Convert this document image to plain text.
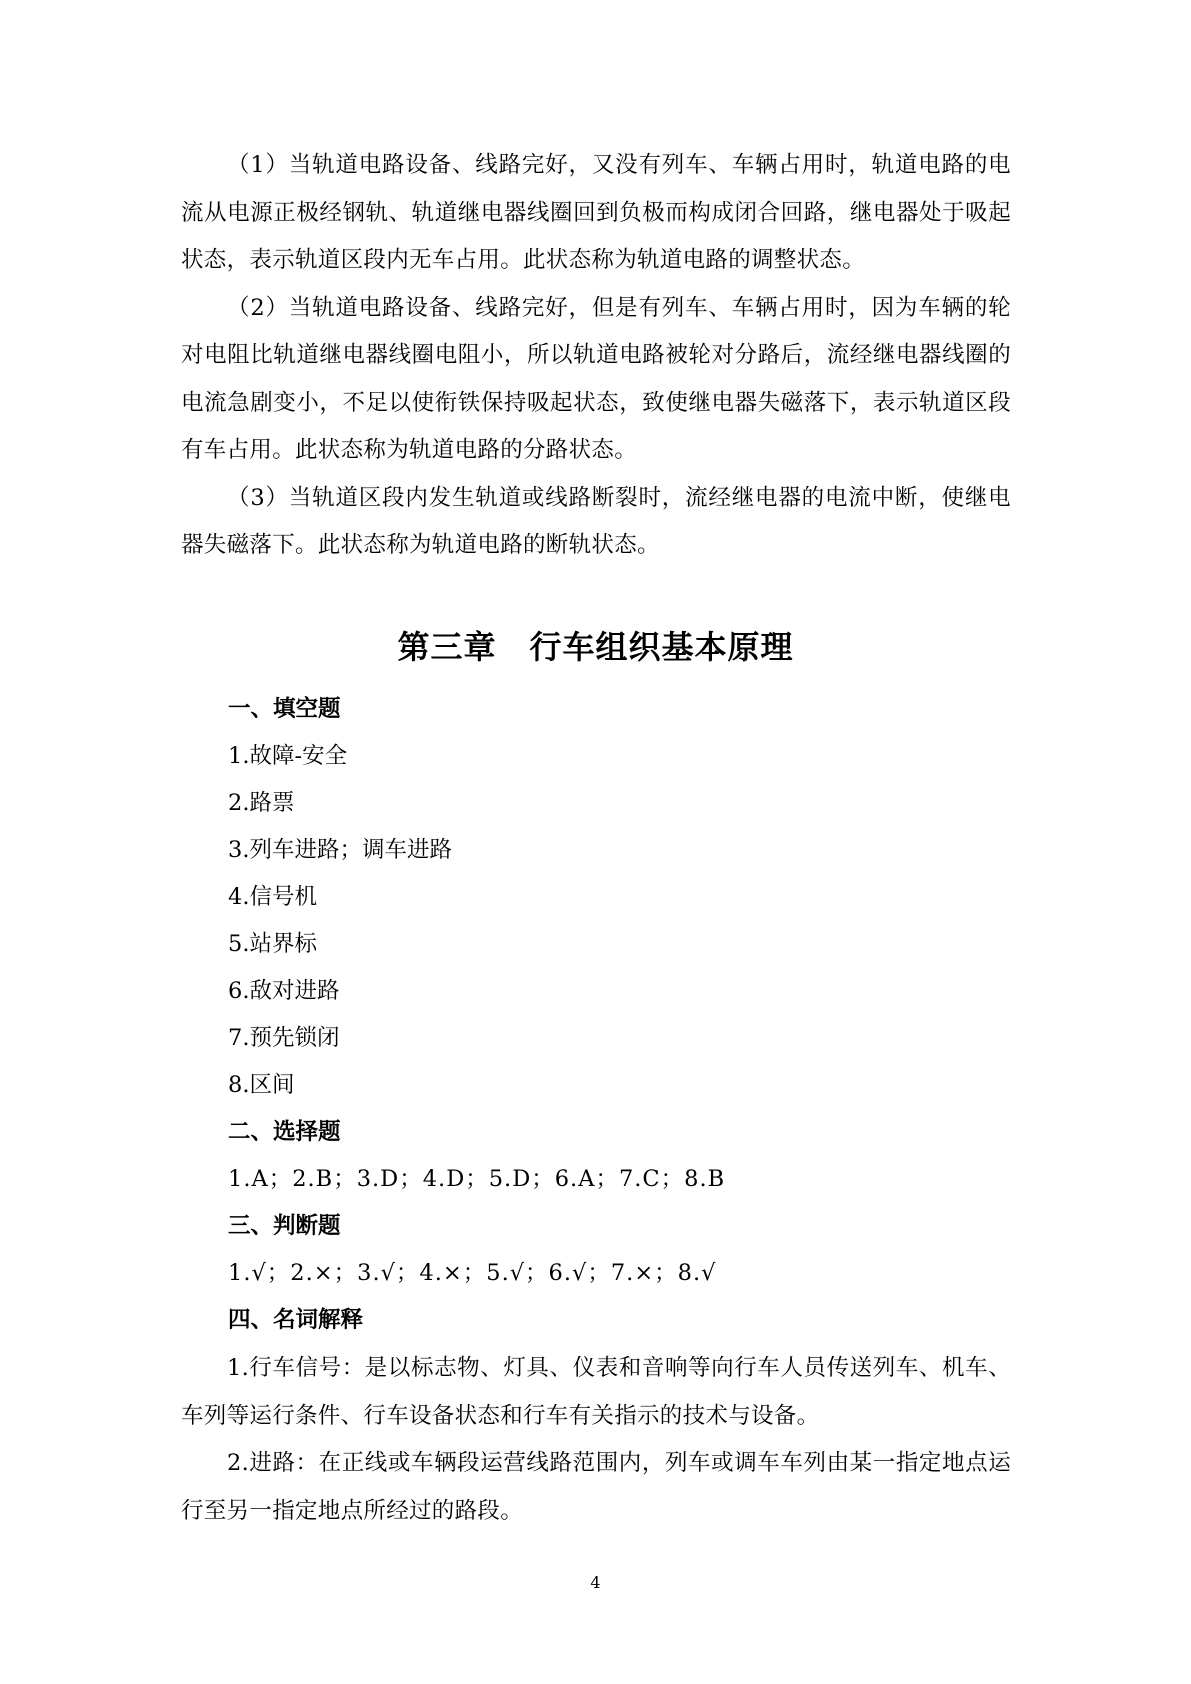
（1）当轨道电路设备、线路完好，又没有列车、车辆占用时，轨道电路的电流从电源正极经钢轨、轨道继电器线圈回到负极而构成闭合回路，继电器处于吸起状态，表示轨道区段内无车占用。此状态称为轨道电路的调整状态。

（2）当轨道电路设备、线路完好，但是有列车、车辆占用时，因为车辆的轮对电阻比轨道继电器线圈电阻小，所以轨道电路被轮对分路后，流经继电器线圈的电流急剧变小，不足以使衔铁保持吸起状态，致使继电器失磁落下，表示轨道区段有车占用。此状态称为轨道电路的分路状态。

（3）当轨道区段内发生轨道或线路断裂时，流经继电器的电流中断，使继电器失磁落下。此状态称为轨道电路的断轨状态。

第三章　行车组织基本原理

一、填空题

1.故障-安全

2.路票

3.列车进路；调车进路

4.信号机

5.站界标

6.敌对进路

7.预先锁闭

8.区间

二、选择题

1.A；2.B；3.D；4.D；5.D；6.A；7.C；8.B

三、判断题

1.√；2.×；3.√；4.×；5.√；6.√；7.×；8.√

四、名词解释

1.行车信号：是以标志物、灯具、仪表和音响等向行车人员传送列车、机车、车列等运行条件、行车设备状态和行车有关指示的技术与设备。

2.进路：在正线或车辆段运营线路范围内，列车或调车车列由某一指定地点运行至另一指定地点所经过的路段。

4
